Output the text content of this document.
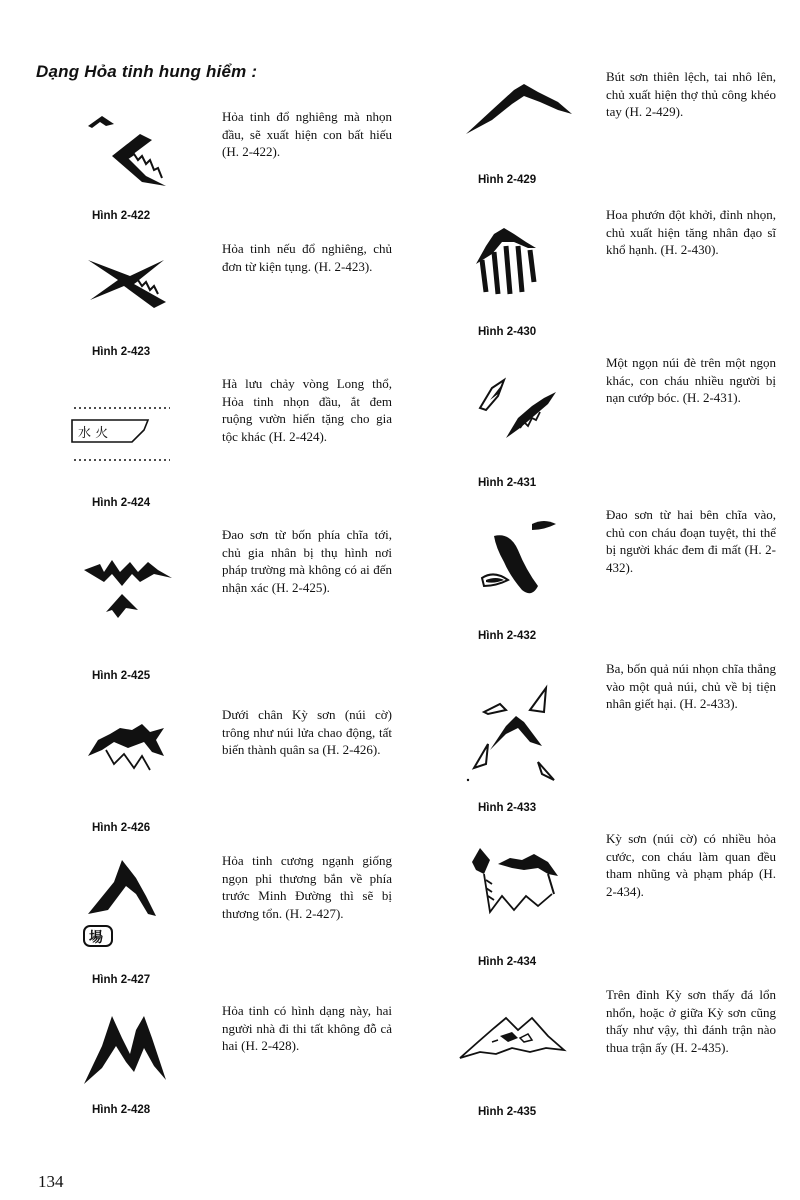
Dạng Hỏa tinh hung hiểm :
Hỏa tinh đổ nghiêng mà nhọn đầu, sẽ xuất hiện con bất hiếu (H. 2-422).
Hình 2-422
Hỏa tinh nếu đổ nghiêng, chủ đơn từ kiện tụng. (H. 2-423).
Hình 2-423
水 火
Hà lưu chảy vòng Long thổ, Hỏa tinh nhọn đầu, ắt đem ruộng vườn hiến tặng cho gia tộc khác (H. 2-424).
Hình 2-424
Đao sơn từ bốn phía chĩa tới, chủ gia nhân bị thụ hình nơi pháp trường mà không có ai đến nhận xác (H. 2-425).
Hình 2-425
Dưới chân Kỳ sơn (núi cờ) trông như núi lửa chao động, tất biến thành quân sa (H. 2-426).
Hình 2-426
場
Hỏa tinh cương ngạnh giống ngọn phi thương bắn về phía trước Minh Đường thì sẽ bị thương tổn. (H. 2-427).
Hình 2-427
Hỏa tinh có hình dạng này, hai người nhà đi thi tất không đỗ cả hai (H. 2-428).
Hình 2-428
Bút sơn thiên lệch, tai nhô lên, chủ xuất hiện thợ thủ công khéo tay (H. 2-429).
Hình 2-429
Hoa phướn đột khởi, đỉnh nhọn, chủ xuất hiện tăng nhân đạo sĩ khổ hạnh. (H. 2-430).
Hình 2-430
Một ngọn núi đè trên một ngọn khác, con cháu nhiều người bị nạn cướp bóc. (H. 2-431).
Hình 2-431
Đao sơn từ hai bên chĩa vào, chủ con cháu đoạn tuyệt, thi thể bị người khác đem đi mất (H. 2-432).
Hình 2-432
Ba, bốn quả núi nhọn chĩa thẳng vào một quả núi, chủ về bị tiện nhân giết hại. (H. 2-433).
Hình 2-433
Kỳ sơn (núi cờ) có nhiều hỏa cước, con cháu làm quan đều tham nhũng và phạm pháp (H. 2-434).
Hình 2-434
Trên đỉnh Kỳ sơn thấy đá lổn nhổn, hoặc ở giữa Kỳ sơn cũng thấy như vậy, thì đánh trận nào thua trận ấy (H. 2-435).
Hình 2-435
134
